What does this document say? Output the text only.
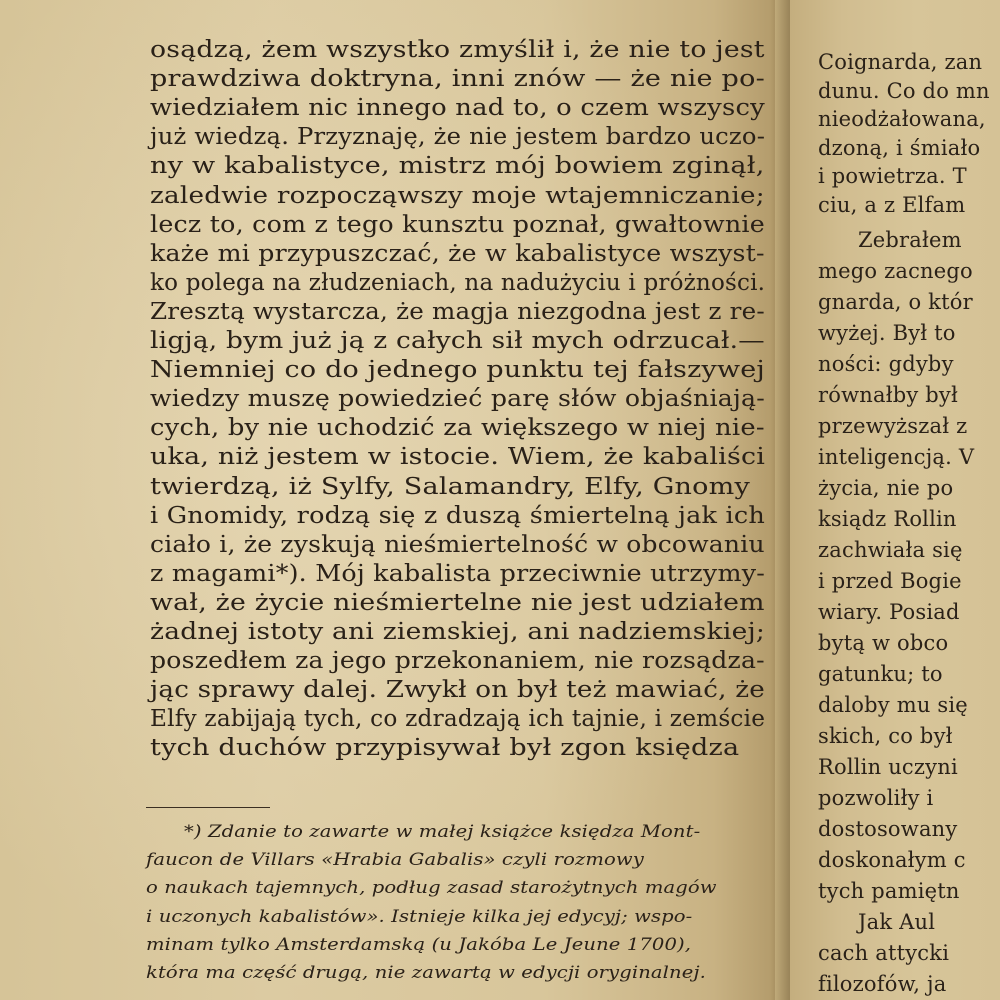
osądzą, żem wszystko zmyślił i, że nie to jest
prawdziwa doktryna, inni znów — że nie po-
wiedziałem nic innego nad to, o czem wszyscy
już wiedzą. Przyznaję, że nie jestem bardzo uczo-
ny w kabalistyce, mistrz mój bowiem zginął,
zaledwie rozpocząwszy moje wtajemniczanie;
lecz to, com z tego kunsztu poznał, gwałtownie
każe mi przypuszczać, że w kabalistyce wszyst-
ko polega na złudzeniach, na nadużyciu i próżności.
Zresztą wystarcza, że magja niezgodna jest z re-
ligją, bym już ją z całych sił mych odrzucał.—
Niemniej co do jednego punktu tej fałszywej
wiedzy muszę powiedzieć parę słów objaśniają-
cych, by nie uchodzić za większego w niej nie-
uka, niż jestem w istocie. Wiem, że kabaliści
twierdzą, iż Sylfy, Salamandry, Elfy, Gnomy
i Gnomidy, rodzą się z duszą śmiertelną jak ich
ciało i, że zyskują nieśmiertelność w obcowaniu
z magami*). Mój kabalista przeciwnie utrzymy-
wał, że życie nieśmiertelne nie jest udziałem
żadnej istoty ani ziemskiej, ani nadziemskiej;
poszedłem za jego przekonaniem, nie rozsądza-
jąc sprawy dalej. Zwykł on był też mawiać, że
Elfy zabijają tych, co zdradzają ich tajnie, i zemście
tych duchów przypisywał był zgon księdza
*) Zdanie to zawarte w małej książce księdza Mont-
faucon de Villars «Hrabia Gabalis» czyli rozmowy
o naukach tajemnych, podług zasad starożytnych magów
i uczonych kabalistów». Istnieje kilka jej edycyj; wspo-
minam tylko Amsterdamską (u Jakóba Le Jeune 1700),
która ma część drugą, nie zawartą w edycji oryginalnej.
Coignarda, zan
dunu. Co do mn
nieodżałowana,
dzoną, i śmiało
i powietrza. T
ciu, a z Elfam
Zebrałem
mego zacnego
gnarda, o któr
wyżej. Był to
ności: gdyby
równałby był
przewyższał z
inteligencją. V
życia, nie po
ksiądz Rollin
zachwiała się
i przed Bogie
wiary. Posiad
bytą w obco
gatunku; to
daloby mu się
skich, co był
Rollin uczyni
pozwoliły i
dostosowany
doskonałym c
tych pamiętn
Jak Aul
cach attycki
filozofów, ja
